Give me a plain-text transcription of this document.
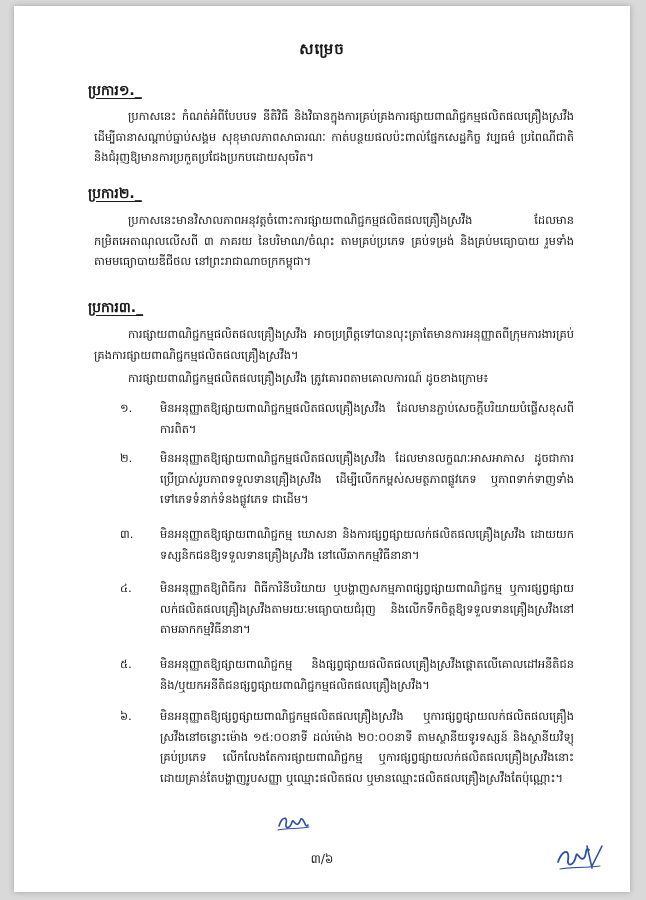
សម្រេច
ប្រការ១._
ប្រកាសនេះ កំណត់អំពីបែបបទ នីតិវិធី និងវិធានក្នុងការគ្រប់គ្រងការផ្សាយពាណិជ្ជកម្មផលិតផលគ្រឿងស្រវឹង ដើម្បីធានាសណ្តាប់ធ្នាប់សង្គម សុខុមាលភាពសាធារណៈ កាត់បន្ថយផលប៉ះពាល់ផ្នែកសេដ្ឋកិច្ច វប្បធម៌ ប្រពៃណីជាតិ និងជំរុញឱ្យមានការប្រកួតប្រជែងប្រកបដោយសុចរិត។
ប្រការ២._
ប្រកាសនេះមានវិសាលភាពអនុវត្តចំពោះការផ្សាយពាណិជ្ជកម្មផលិតផលគ្រឿងស្រវឹង ដែលមានកម្រិតអេតាណុលលើសពី ៣ ភាគរយ នៃបរិមាណ/ចំណុះ តាមគ្រប់ប្រភេទ គ្រប់ទម្រង់ និងគ្រប់មធ្យោបាយ រួមទាំងតាមមធ្យោបាយឌីជីថល នៅព្រះរាជាណាចក្រកម្ពុជា។
ប្រការ៣._
ការផ្សាយពាណិជ្ជកម្មផលិតផលគ្រឿងស្រវឹង អាចប្រព្រឹត្តទៅបានលុះត្រាតែមានការអនុញ្ញាតពីក្រុមការងារគ្រប់គ្រងការផ្សាយពាណិជ្ជកម្មផលិតផលគ្រឿងស្រវឹង។
ការផ្សាយពាណិជ្ជកម្មផលិតផលគ្រឿងស្រវឹង ត្រូវគោរពតាមគោលការណ៍ ដូចខាងក្រោម៖
១.	មិនអនុញ្ញាតឱ្យផ្សាយពាណិជ្ជកម្មផលិតផលគ្រឿងស្រវឹង ដែលមានភ្ជាប់សេចក្តីបរិយាយបំផ្លើសខុសពីការពិត។
២.	មិនអនុញ្ញាតឱ្យផ្សាយពាណិជ្ជកម្មផលិតផលគ្រឿងស្រវឹង ដែលមានលក្ខណៈអាសអាភាស ដូចជាការប្រើប្រាស់រូបភាពទទួលទានគ្រឿងស្រវឹង ដើម្បីលើកកម្ពស់សមត្ថភាពផ្លូវភេទ ឬភាពទាក់ទាញទាំងទៅភេទទំនាក់ទំនងផ្លូវភេទ ជាដើម។
៣.	មិនអនុញ្ញាតឱ្យផ្សាយពាណិជ្ជកម្ម ឃោសនា និងការផ្សព្វផ្សាយលក់ផលិតផលគ្រឿងស្រវឹង ដោយយកទស្សនិកជនឱ្យទទួលទានគ្រឿងស្រវឹង នៅលើឆាកកម្មវិធីនានា។
៤.	មិនអនុញ្ញាតឱ្យពិធីករ ពិធីការិនីបរិយាយ ឬបង្ហាញសកម្មភាពផ្សព្វផ្សាយពាណិជ្ជកម្ម ឬការផ្សព្វផ្សាយលក់ផលិតផលគ្រឿងស្រវឹងតាមរយៈមធ្យោបាយជំរុញ និងលើកទឹកចិត្តឱ្យទទួលទានគ្រឿងស្រវឹងនៅតាមឆាកកម្មវិធីនានា។
៥.	មិនអនុញ្ញាតឱ្យផ្សាយពាណិជ្ជកម្ម និងផ្សព្វផ្សាយផលិតផលគ្រឿងស្រវឹងផ្តោតលើគោលដៅអនីតិជន និង/ឬយកអនីតិជនផ្សព្វផ្សាយពាណិជ្ជកម្មផលិតផលគ្រឿងស្រវឹង។
៦.	មិនអនុញ្ញាតឱ្យផ្សព្វផ្សាយពាណិជ្ជកម្មផលិតផលគ្រឿងស្រវឹង ឬការផ្សព្វផ្សាយលក់ផលិតផលគ្រឿងស្រវឹងនៅចន្លោះម៉ោង ១៥:០០នាទី ដល់ម៉ោង ២០:០០នាទី តាមស្ថានីយទូរទស្សន៍ និងស្ថានីយវិទ្យុគ្រប់ប្រភេទ លើកលែងតែការផ្សាយពាណិជ្ជកម្ម ឬការផ្សព្វផ្សាយលក់ផលិតផលគ្រឿងស្រវឹងនោះ ដោយគ្រាន់តែបង្ហាញរូបសញ្ញា ឬឈ្មោះផលិតផល ឬមានឈ្មោះផលិតផលគ្រឿងស្រវឹងតែប៉ុណ្ណោះ។
៣/៦
